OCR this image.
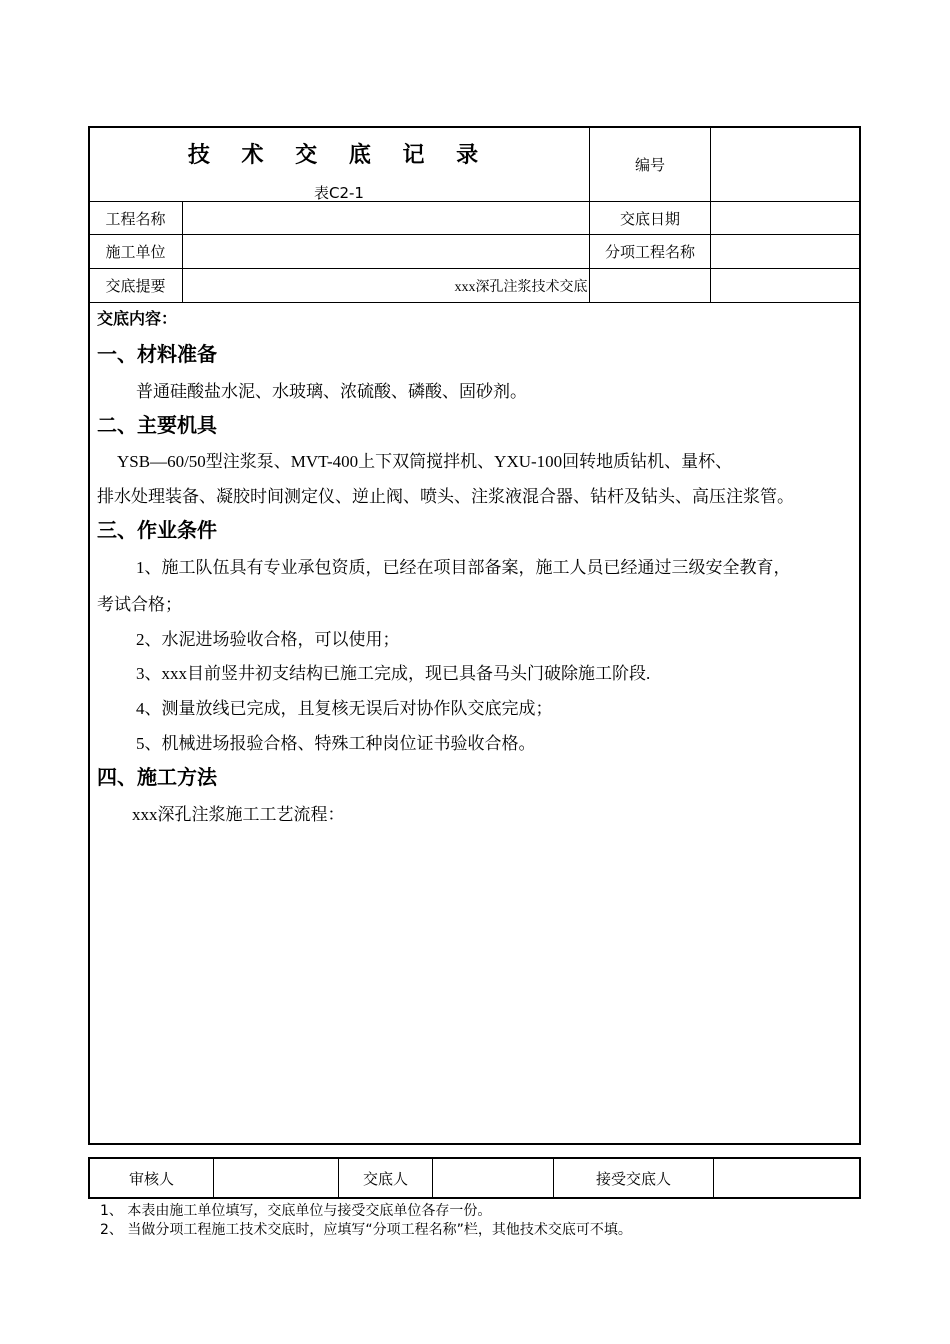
技 术 交 底 记 录
表C2-1
编号
工程名称	交底日期
施工单位	分项工程名称
交底提要	xxx深孔注浆技术交底
交底内容：
一、材料准备
普通硅酸盐水泥、水玻璃、浓硫酸、磷酸、固砂剂。
二、主要机具
YSB—60/50型注浆泵、MVT-400上下双筒搅拌机、YXU-100回转地质钻机、量杯、
排水处理装备、凝胶时间测定仪、逆止阀、喷头、注浆液混合器、钻杆及钻头、高压注浆管。
三、作业条件
1、施工队伍具有专业承包资质，已经在项目部备案，施工人员已经通过三级安全教育，
考试合格；
2、水泥进场验收合格，可以使用；
3、xxx目前竖井初支结构已施工完成，现已具备马头门破除施工阶段.
4、测量放线已完成，且复核无误后对协作队交底完成；
5、机械进场报验合格、特殊工种岗位证书验收合格。
四、施工方法
xxx深孔注浆施工工艺流程：
审核人	交底人	接受交底人
1、 本表由施工单位填写，交底单位与接受交底单位各存一份。
2、 当做分项工程施工技术交底时，应填写“分项工程名称”栏，其他技术交底可不填。
